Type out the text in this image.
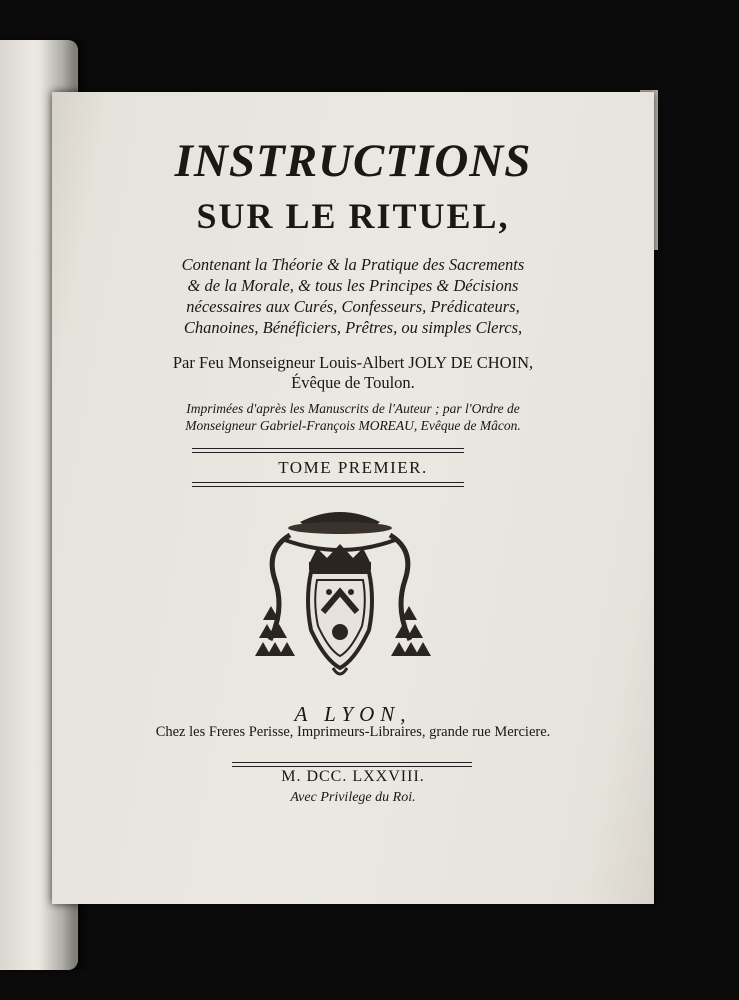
INSTRUCTIONS
SUR LE RITUEL,
Contenant la Théorie & la Pratique des Sacrements
& de la Morale, & tous les Principes & Décisions
nécessaires aux Curés, Confesseurs, Prédicateurs,
Chanoines, Bénéficiers, Prêtres, ou simples Clercs,
Par Feu Monseigneur Louis-Albert JOLY DE CHOIN,
Évêque de Toulon.
Imprimées d'après les Manuscrits de l'Auteur ; par l'Ordre de
Monseigneur Gabriel-François MOREAU, Evêque de Mâcon.
TOME PREMIER.
A LYON,
Chez les Freres Perisse, Imprimeurs-Libraires, grande rue Merciere.
M. DCC. LXXVIII.
Avec Privilege du Roi.
